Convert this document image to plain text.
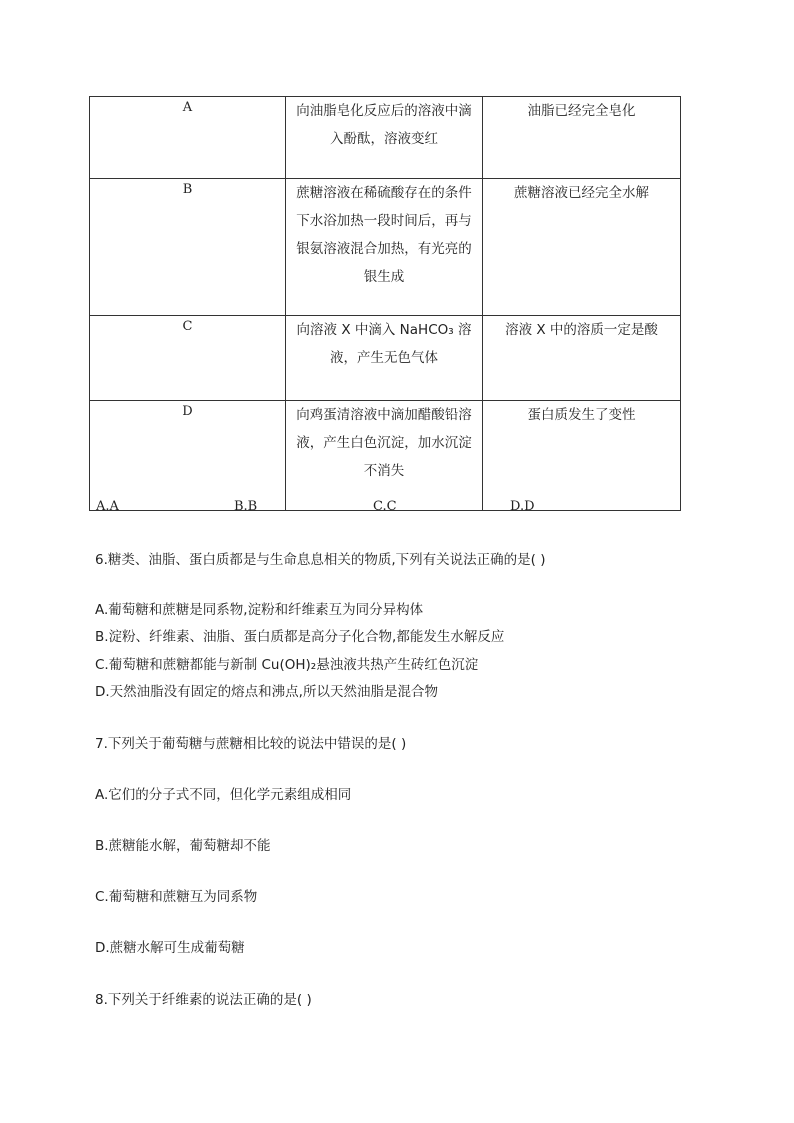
A	向油脂皂化反应后的溶液中滴入酚酞，溶液变红	油脂已经完全皂化
B	蔗糖溶液在稀硫酸存在的条件下水浴加热一段时间后，再与银氨溶液混合加热，有光亮的银生成	蔗糖溶液已经完全水解
C	向溶液 X 中滴入 NaHCO₃ 溶液，产生无色气体	溶液 X 中的溶质一定是酸
D	向鸡蛋清溶液中滴加醋酸铅溶液，产生白色沉淀，加水沉淀不消失	蛋白质发生了变性
A.A	B.B	C.C	D.D
6.糖类、油脂、蛋白质都是与生命息息相关的物质,下列有关说法正确的是( )
A.葡萄糖和蔗糖是同系物,淀粉和纤维素互为同分异构体
B.淀粉、纤维素、油脂、蛋白质都是高分子化合物,都能发生水解反应
C.葡萄糖和蔗糖都能与新制 Cu(OH)₂悬浊液共热产生砖红色沉淀
D.天然油脂没有固定的熔点和沸点,所以天然油脂是混合物
7.下列关于葡萄糖与蔗糖相比较的说法中错误的是( )
A.它们的分子式不同，但化学元素组成相同
B.蔗糖能水解，葡萄糖却不能
C.葡萄糖和蔗糖互为同系物
D.蔗糖水解可生成葡萄糖
8.下列关于纤维素的说法正确的是( )
